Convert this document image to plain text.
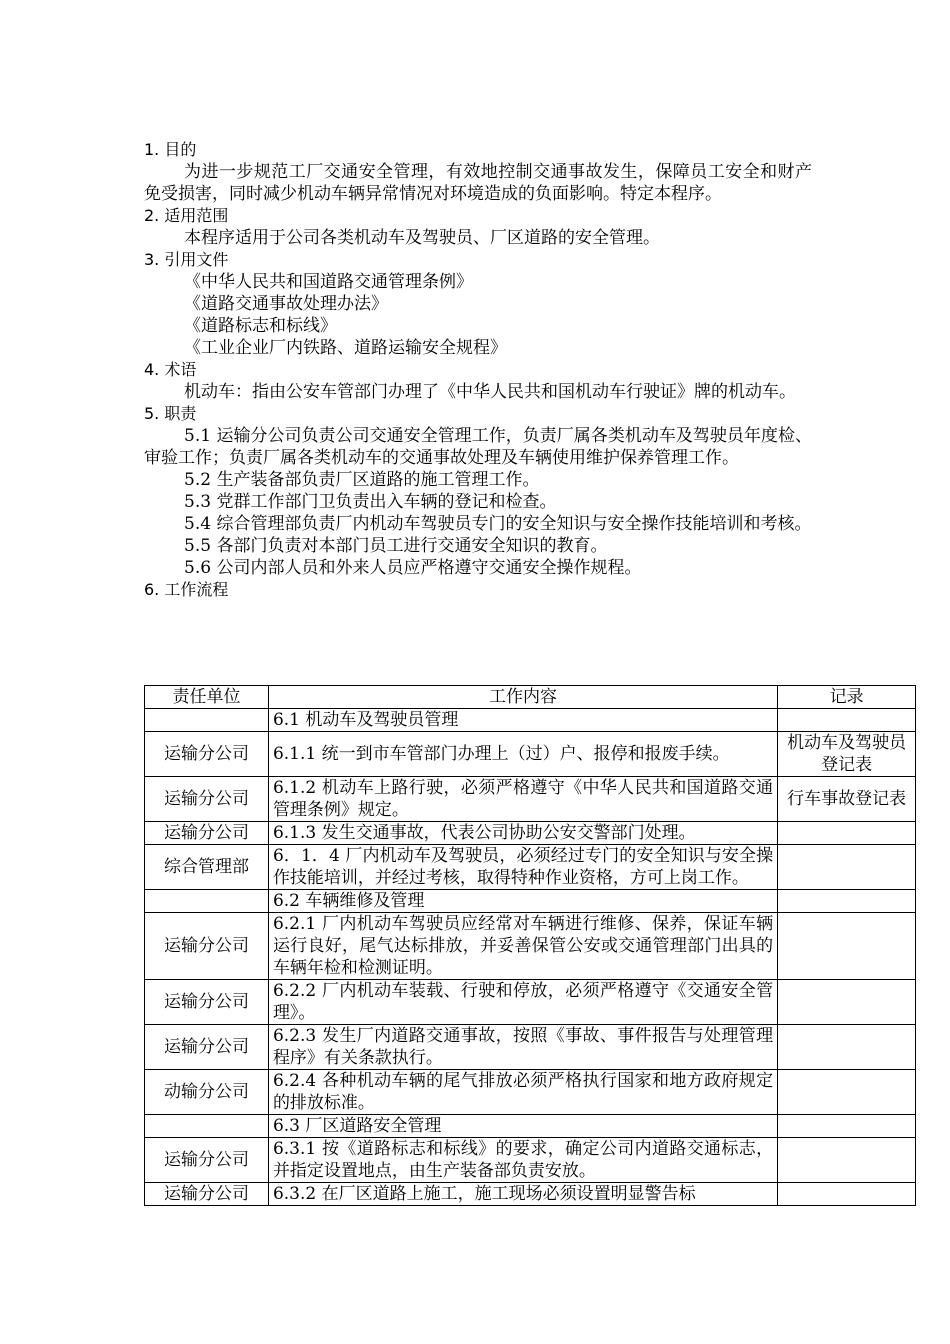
1. 目的
为进一步规范工厂交通安全管理，有效地控制交通事故发生，保障员工安全和财产免受损害，同时减少机动车辆异常情况对环境造成的负面影响。特定本程序。
2. 适用范围
本程序适用于公司各类机动车及驾驶员、厂区道路的安全管理。
3. 引用文件
《中华人民共和国道路交通管理条例》
《道路交通事故处理办法》
《道路标志和标线》
《工业企业厂内铁路、道路运输安全规程》
4. 术语
机动车：指由公安车管部门办理了《中华人民共和国机动车行驶证》牌的机动车。
5. 职责
5.1 运输分公司负责公司交通安全管理工作，负责厂属各类机动车及驾驶员年度检、审验工作；负责厂属各类机动车的交通事故处理及车辆使用维护保养管理工作。
5.2 生产装备部负责厂区道路的施工管理工作。
5.3 党群工作部门卫负责出入车辆的登记和检查。
5.4 综合管理部负责厂内机动车驾驶员专门的安全知识与安全操作技能培训和考核。
5.5 各部门负责对本部门员工进行交通安全知识的教育。
5.6 公司内部人员和外来人员应严格遵守交通安全操作规程。
6. 工作流程
责任单位	工作内容	记录
	6.1 机动车及驾驶员管理	
运输分公司	6.1.1 统一到市车管部门办理上（过）户、报停和报废手续。	机动车及驾驶员登记表
运输分公司	6.1.2 机动车上路行驶，必须严格遵守《中华人民共和国道路交通管理条例》规定。	行车事故登记表
运输分公司	6.1.3 发生交通事故，代表公司协助公安交警部门处理。	
综合管理部	6．1．4 厂内机动车及驾驶员，必须经过专门的安全知识与安全操作技能培训，并经过考核，取得特种作业资格，方可上岗工作。	
	6.2 车辆维修及管理	
运输分公司	6.2.1 厂内机动车驾驶员应经常对车辆进行维修、保养，保证车辆运行良好，尾气达标排放，并妥善保管公安或交通管理部门出具的车辆年检和检测证明。	
运输分公司	6.2.2 厂内机动车装载、行驶和停放，必须严格遵守《交通安全管理》。	
运输分公司	6.2.3 发生厂内道路交通事故，按照《事故、事件报告与处理管理程序》有关条款执行。	
动输分公司	6.2.4 各种机动车辆的尾气排放必须严格执行国家和地方政府规定的排放标准。	
	6.3 厂区道路安全管理	
运输分公司	6.3.1 按《道路标志和标线》的要求，确定公司内道路交通标志，并指定设置地点，由生产装备部负责安放。	
运输分公司	6.3.2 在厂区道路上施工，施工现场必须设置明显警告标	
